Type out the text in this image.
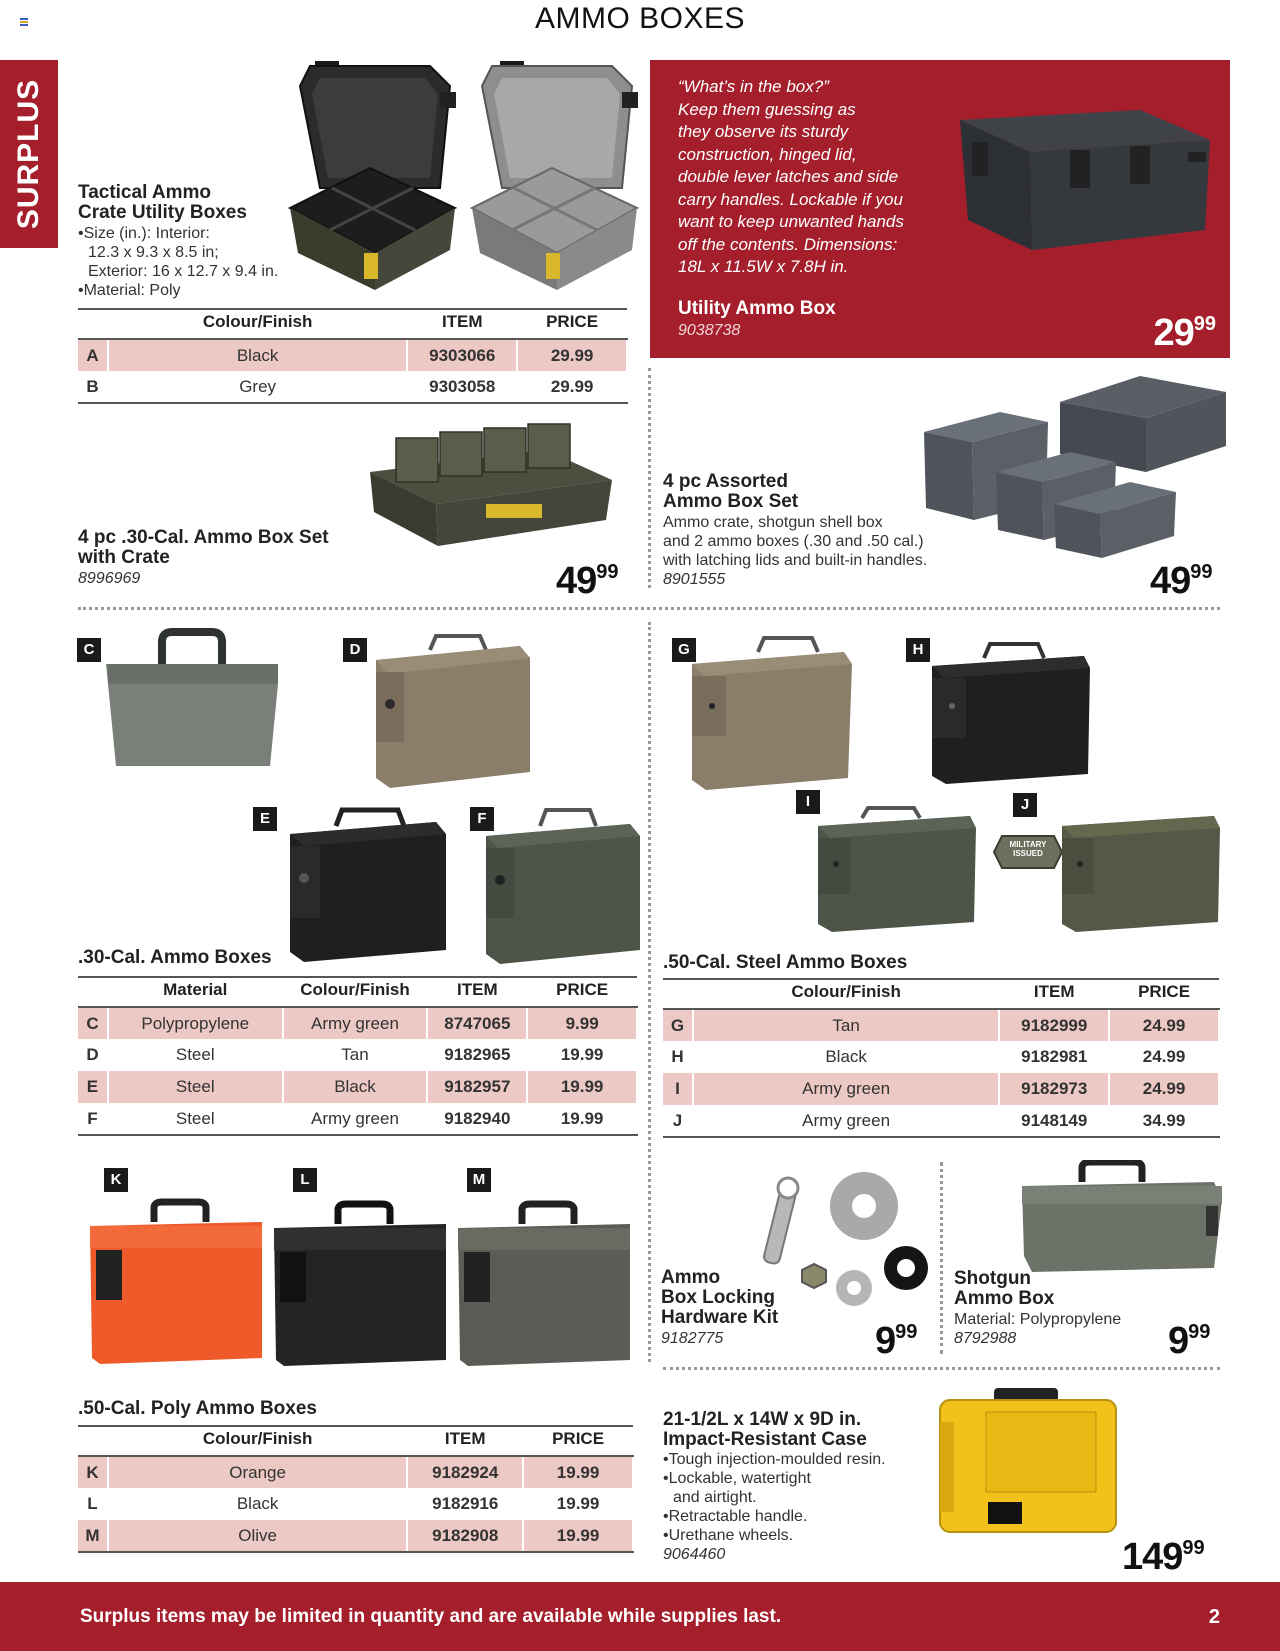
AMMO BOXES
SURPLUS Tactical Ammo
Crate Utility Boxes
•Size (in.): Interior:
12.3 x 9.3 x 8.5 in;
Exterior: 16 x 12.7 x 9.4 in.
•Material: Poly
	Colour/Finish	ITEM	PRICE
A	Black	9303066	29.99
B	Grey	9303058	29.99
“What’s in the box?”
Keep them guessing as
they observe its sturdy
construction, hinged lid,
double lever latches and side
carry handles. Lockable if you
want to keep unwanted hands
off the contents. Dimensions:
18L x 11.5W x 7.8H in.
Utility Ammo Box
9038738	$29^{99}$
4 pc .30-Cal. Ammo Box Set
with Crate
8996969	$49^{99}$
4 pc Assorted
Ammo Box Set
Ammo crate, shotgun shell box
and 2 ammo boxes (.30 and .50 cal.)
with latching lids and built-in handles.
8901555	$49^{99}$
C	D
E	F
.30-Cal. Ammo Boxes
	Material	Colour/Finish	ITEM	PRICE
C	Polypropylene	Army green	8747065	9.99
D	Steel	Tan	9182965	19.99
E	Steel	Black	9182957	19.99
F	Steel	Army green	9182940	19.99
G	H
I	J
MILITARY
ISSUED
.50-Cal. Steel Ammo Boxes
	Colour/Finish	ITEM	PRICE
G	Tan	9182999	24.99
H	Black	9182981	24.99
I	Army green	9182973	24.99
J	Army green	9148149	34.99
K	L	M
.50-Cal. Poly Ammo Boxes
	Colour/Finish	ITEM	PRICE
K	Orange	9182924	19.99
L	Black	9182916	19.99
M	Olive	9182908	19.99
Ammo
Box Locking
Hardware Kit
9182775	$9^{99}$
Shotgun
Ammo Box
Material: Polypropylene
8792988	$9^{99}$
21-1/2L x 14W x 9D in.
Impact-Resistant Case
•Tough injection-moulded resin.
•Lockable, watertight
and airtight.
•Retractable handle.
•Urethane wheels.
9064460	$149^{99}$
Surplus items may be limited in quantity and are available while supplies last.	2
